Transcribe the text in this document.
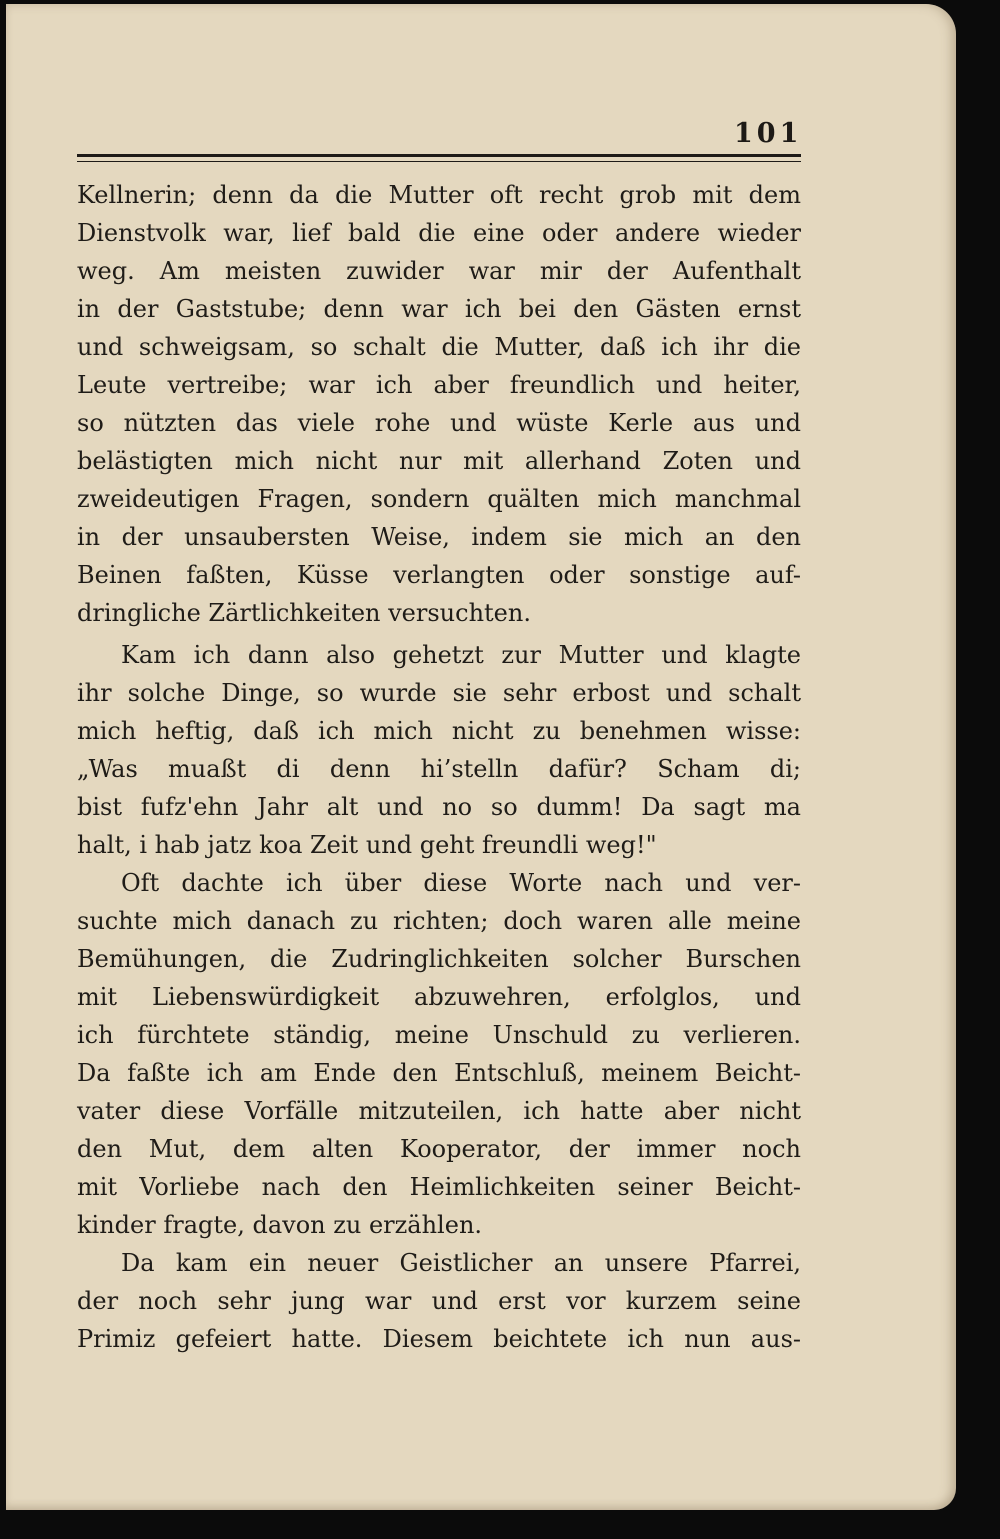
101
Kellnerin; denn da die Mutter oft recht grob mit dem
Dienstvolk war, lief bald die eine oder andere wieder
weg. Am meisten zuwider war mir der Aufenthalt
in der Gaststube; denn war ich bei den Gästen ernst
und schweigsam, so schalt die Mutter, daß ich ihr die
Leute vertreibe; war ich aber freundlich und heiter,
so nützten das viele rohe und wüste Kerle aus und
belästigten mich nicht nur mit allerhand Zoten und
zweideutigen Fragen, sondern quälten mich manchmal
in der unsaubersten Weise, indem sie mich an den
Beinen faßten, Küsse verlangten oder sonstige auf-
dringliche Zärtlichkeiten versuchten.
Kam ich dann also gehetzt zur Mutter und klagte
ihr solche Dinge, so wurde sie sehr erbost und schalt
mich heftig, daß ich mich nicht zu benehmen wisse:
„Was muaßt di denn hi’stelln dafür? Scham di;
bist fufz'ehn Jahr alt und no so dumm! Da sagt ma
halt, i hab jatz koa Zeit und geht freundli weg!"
Oft dachte ich über diese Worte nach und ver-
suchte mich danach zu richten; doch waren alle meine
Bemühungen, die Zudringlichkeiten solcher Burschen
mit Liebenswürdigkeit abzuwehren, erfolglos, und
ich fürchtete ständig, meine Unschuld zu verlieren.
Da faßte ich am Ende den Entschluß, meinem Beicht-
vater diese Vorfälle mitzuteilen, ich hatte aber nicht
den Mut, dem alten Kooperator, der immer noch
mit Vorliebe nach den Heimlichkeiten seiner Beicht-
kinder fragte, davon zu erzählen.
Da kam ein neuer Geistlicher an unsere Pfarrei,
der noch sehr jung war und erst vor kurzem seine
Primiz gefeiert hatte. Diesem beichtete ich nun aus-
